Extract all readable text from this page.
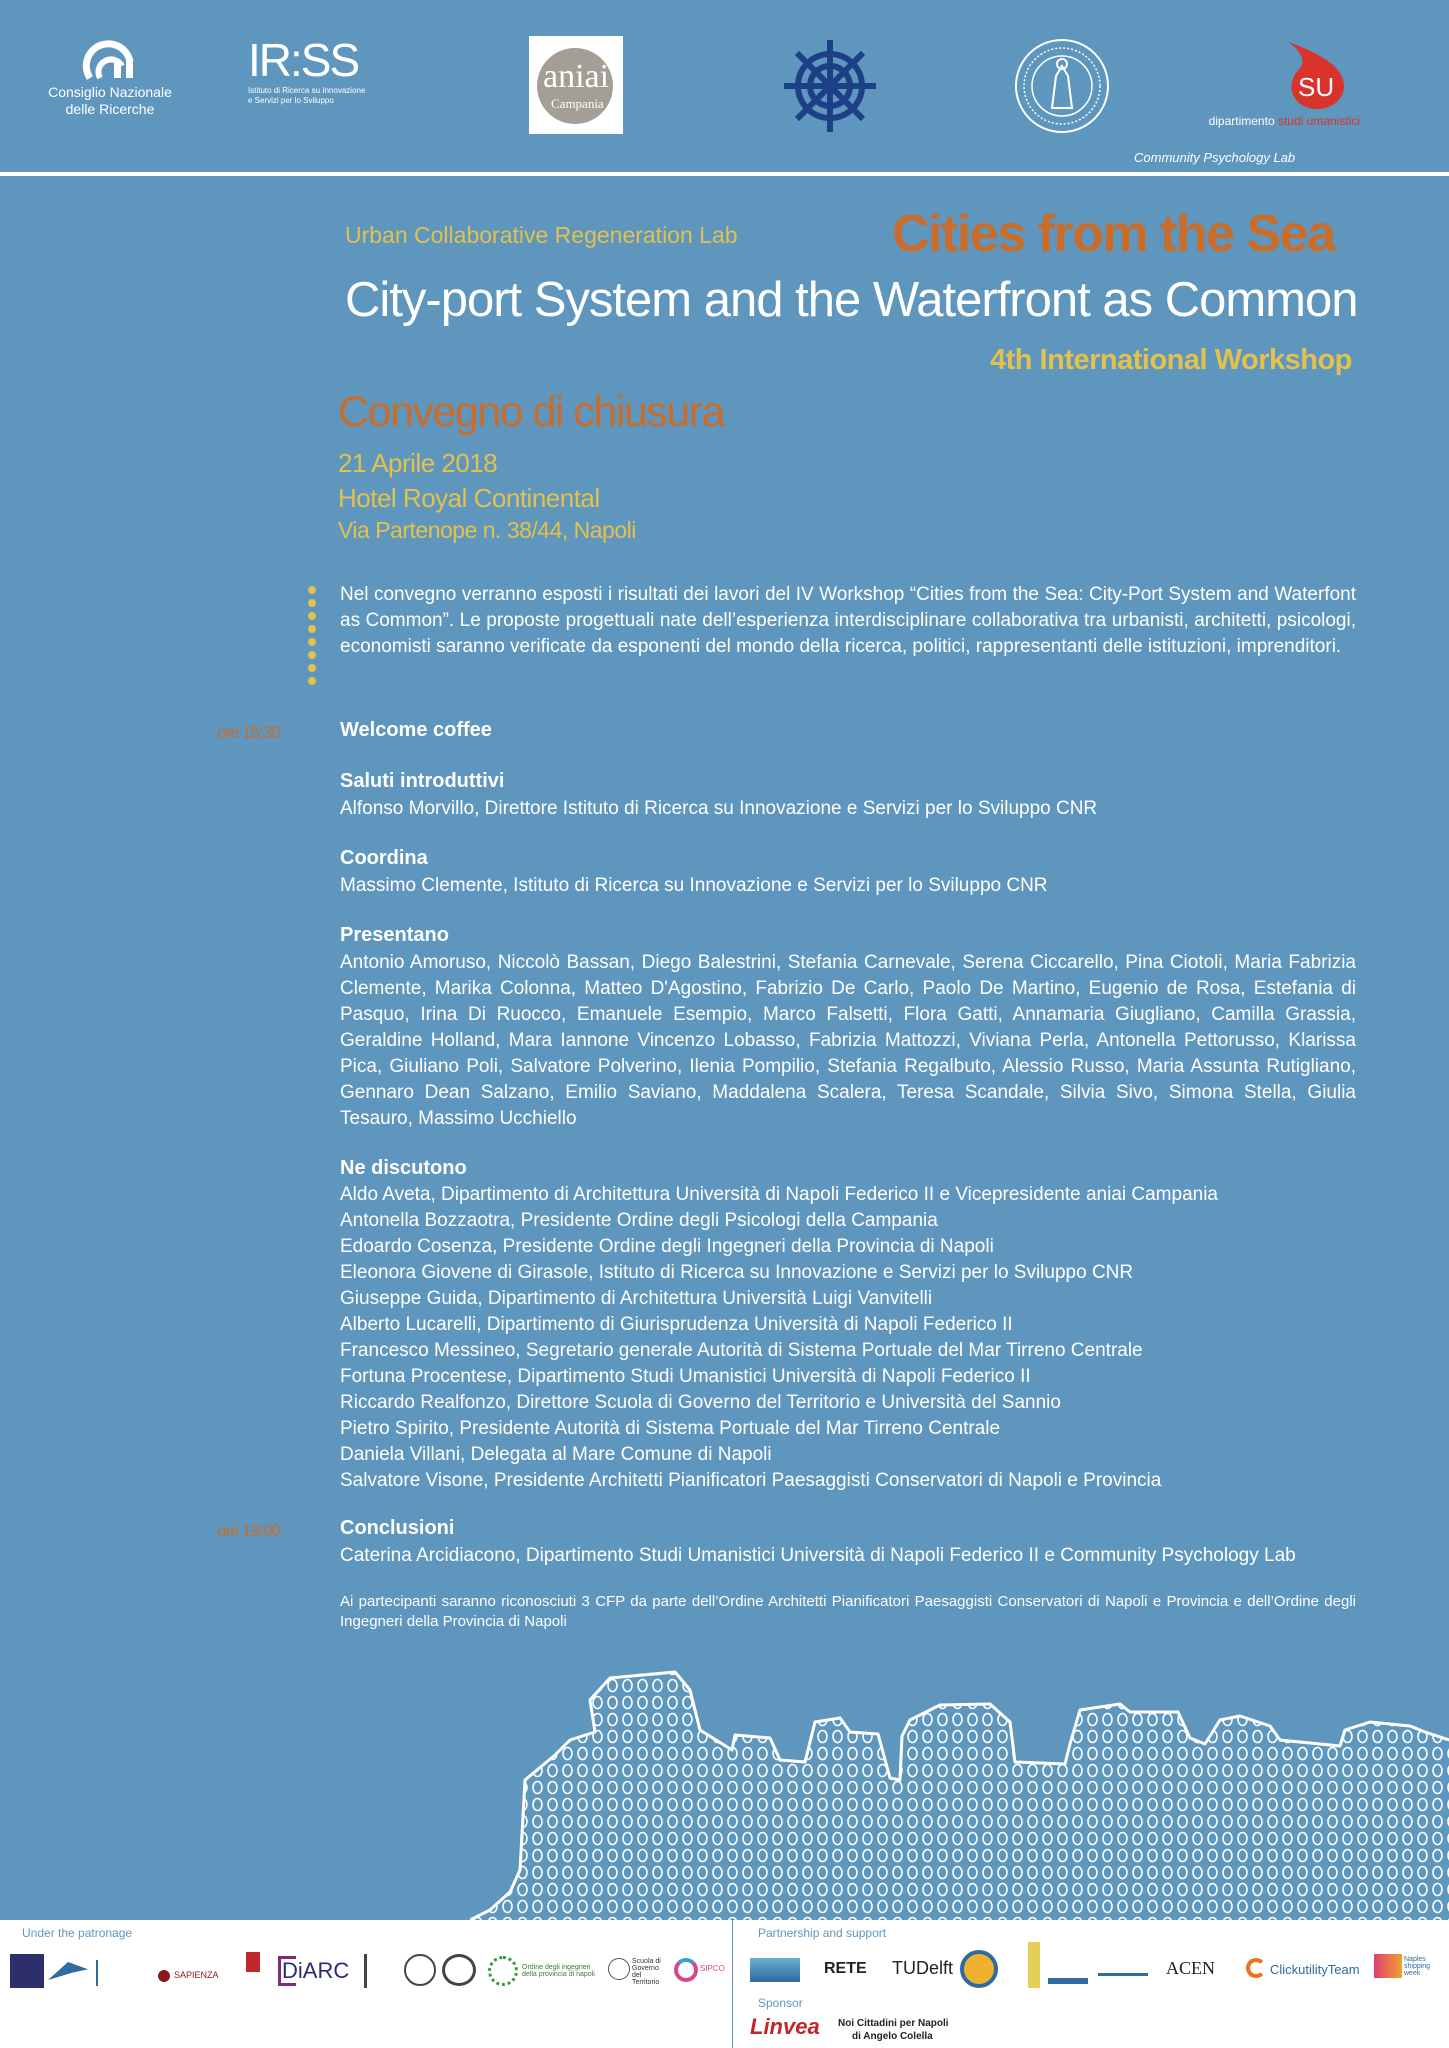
Consiglio Nazionale
delle Ricerche
IR:SS
Istituto di Ricerca su Innovazione
e Servizi per lo Sviluppo
aniai
Campania
SU
dipartimento studi umanistici
Community Psychology Lab
Urban Collaborative Regeneration Lab	Cities from the Sea
City-port System and the Waterfront as Common
4th International Workshop
Convegno di chiusura
21 Aprile 2018
Hotel Royal Continental
Via Partenope n. 38/44, Napoli

Nel convegno verranno esposti i risultati dei lavori del IV Workshop “Cities from the Sea: City-Port System and Waterfont as Common”. Le proposte progettuali nate dell’esperienza interdisciplinare collaborativa tra urbanisti, architetti, psicologi, economisti saranno verificate da esponenti del mondo della ricerca, politici, rappresentanti delle istituzioni, imprenditori.

ore 15:30	Welcome coffee
Saluti introduttivi
Alfonso Morvillo, Direttore Istituto di Ricerca su Innovazione e Servizi per lo Sviluppo CNR
Coordina
Massimo Clemente, Istituto di Ricerca su Innovazione e Servizi per lo Sviluppo CNR
Presentano
Antonio Amoruso, Niccolò Bassan, Diego Balestrini, Stefania Carnevale, Serena Ciccarello, Pina Ciotoli, Maria Fabrizia Clemente, Marika Colonna, Matteo D'Agostino, Fabrizio De Carlo, Paolo De Martino, Eugenio de Rosa, Estefania di Pasquo, Irina Di Ruocco, Emanuele Esempio, Marco Falsetti, Flora Gatti, Annamaria Giugliano, Camilla Grassia, Geraldine Holland, Mara Iannone Vincenzo Lobasso, Fabrizia Mattozzi, Viviana Perla, Antonella Pettorusso, Klarissa Pica, Giuliano Poli, Salvatore Polverino, Ilenia Pompilio, Stefania Regalbuto, Alessio Russo, Maria Assunta Rutigliano, Gennaro Dean Salzano, Emilio Saviano, Maddalena Scalera, Teresa Scandale, Silvia Sivo, Simona Stella, Giulia Tesauro, Massimo Ucchiello
Ne discutono
Aldo Aveta, Dipartimento di Architettura Università di Napoli Federico II e Vicepresidente aniai Campania
Antonella Bozzaotra, Presidente Ordine degli Psicologi della Campania
Edoardo Cosenza, Presidente Ordine degli Ingegneri della Provincia di Napoli
Eleonora Giovene di Girasole, Istituto di Ricerca su Innovazione e Servizi per lo Sviluppo CNR
Giuseppe Guida, Dipartimento di Architettura Università Luigi Vanvitelli
Alberto Lucarelli, Dipartimento di Giurisprudenza Università di Napoli Federico II
Francesco Messineo, Segretario generale Autorità di Sistema Portuale del Mar Tirreno Centrale
Fortuna Procentese, Dipartimento Studi Umanistici Università di Napoli Federico II
Riccardo Realfonzo, Direttore Scuola di Governo del Territorio e Università del Sannio
Pietro Spirito, Presidente Autorità di Sistema Portuale del Mar Tirreno Centrale
Daniela Villani, Delegata al Mare Comune di Napoli
Salvatore Visone, Presidente Architetti Pianificatori Paesaggisti Conservatori di Napoli e Provincia
ore 19:00	Conclusioni
Caterina Arcidiacono, Dipartimento Studi Umanistici Università di Napoli Federico II e Community Psychology Lab

Ai partecipanti saranno riconosciuti 3 CFP da parte dell’Ordine Architetti Pianificatori Paesaggisti Conservatori di Napoli e Provincia e dell’Ordine degli Ingegneri della Provincia di Napoli

Under the patronage	Partnership and support
Sponsor
SAPIENZA	DiARC	Ordine degli ingegneri della provincia di napoli
Scuola di Governo del Territorio
SIPCO	RETE TUDelft	ACEN	ClickutilityTeam
Naples shipping week
Linvea Noi Cittadini per Napoli
di Angelo Colella
